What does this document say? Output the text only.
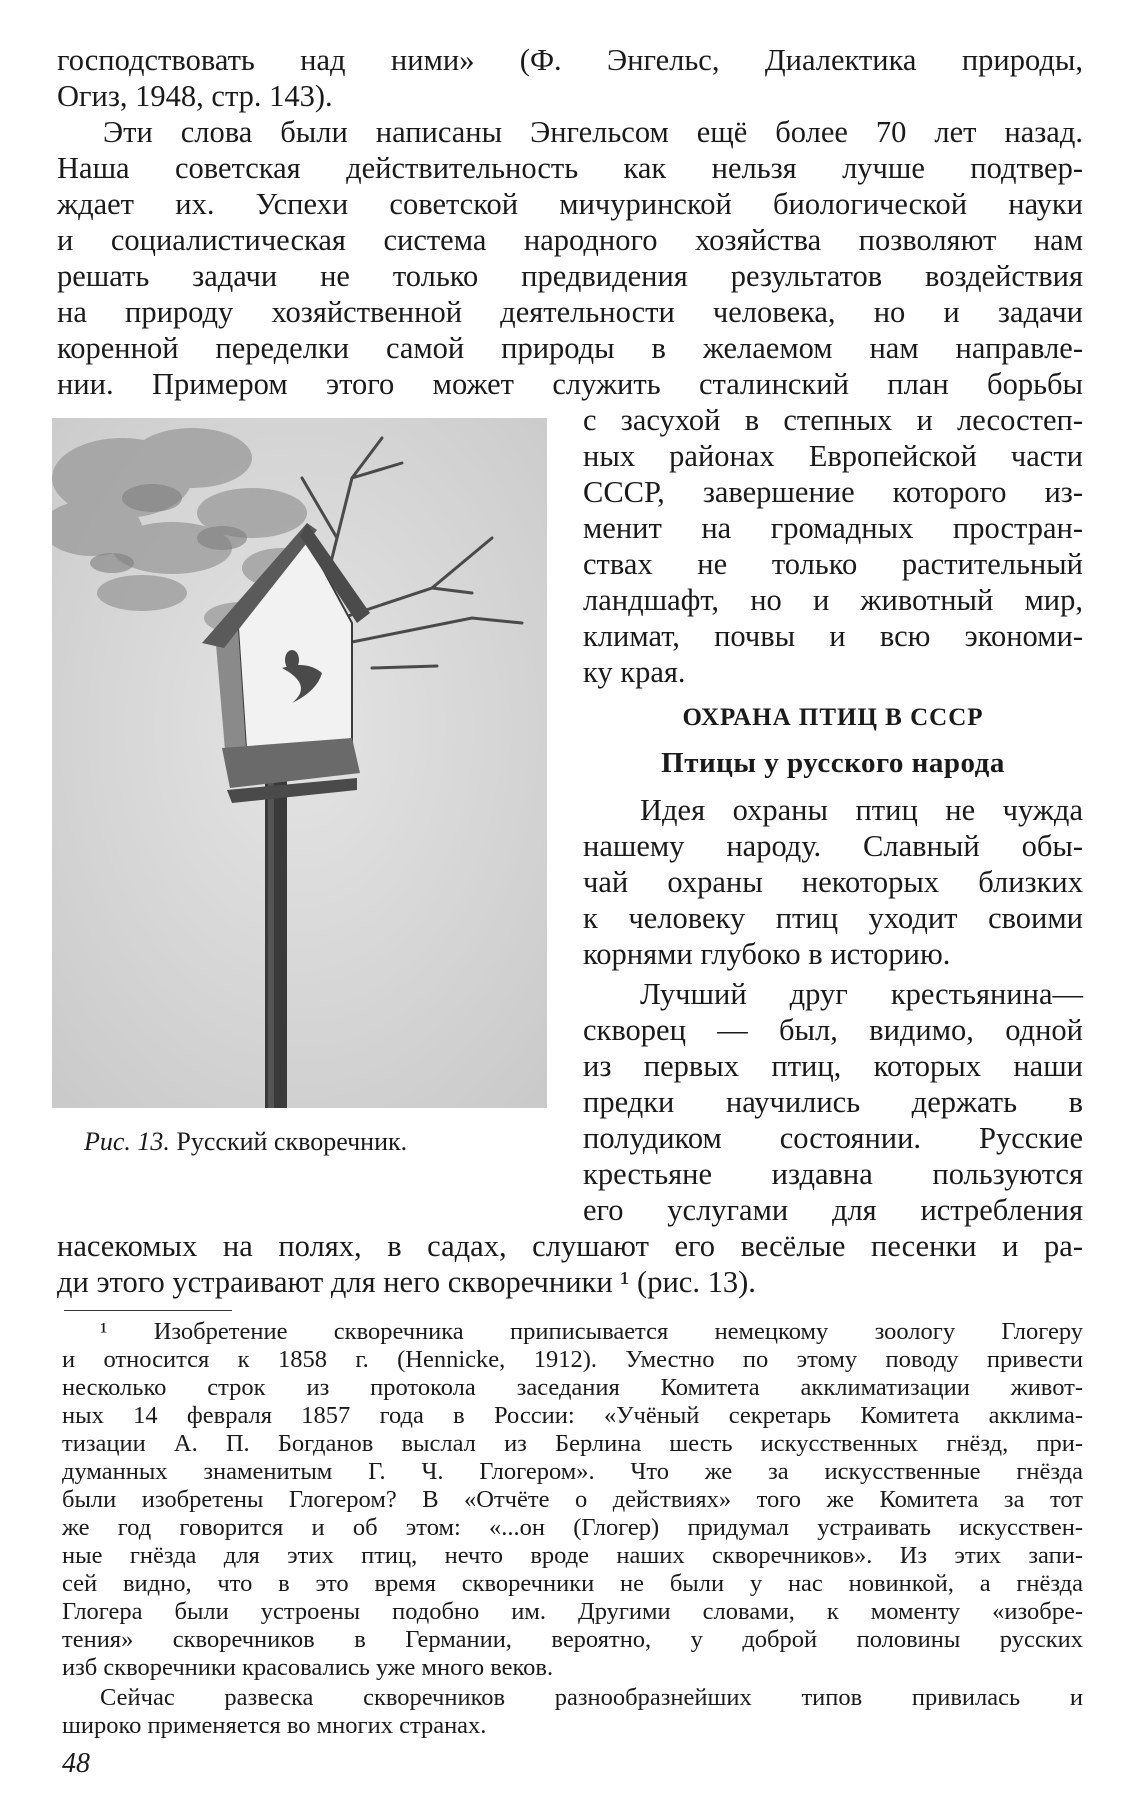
господствовать над ними» (Ф. Энгельс, Диалектика природы,
Огиз, 1948, стр. 143).
Эти слова были написаны Энгельсом ещё более 70 лет назад.
Наша советская действительность как нельзя лучше подтвер-
ждает их. Успехи советской мичуринской биологической науки
и социалистическая система народного хозяйства позволяют нам
решать задачи не только предвидения результатов воздействия
на природу хозяйственной деятельности человека, но и задачи
коренной переделки самой природы в желаемом нам направле-
нии. Примером этого может служить сталинский план борьбы
с засухой в степных и лесостеп-
ных районах Европейской части
СССР, завершение которого из-
менит на громадных простран-
ствах не только растительный
ландшафт, но и животный мир,
климат, почвы и всю экономи-
ку края.
ОХРАНА ПТИЦ В СССР
Птицы у русского народа
Идея охраны птиц не чужда
нашему народу. Славный обы-
чай охраны некоторых близких
к человеку птиц уходит своими
корнями глубоко в историю.
Лучший друг крестьянина—
скворец — был, видимо, одной
из первых птиц, которых наши
предки научились держать в
полудиком состоянии. Русские
крестьяне издавна пользуются
его услугами для истребления
Рис. 13. Русский скворечник.
насекомых на полях, в садах, слушают его весёлые песенки и ра-
ди этого устраивают для него скворечники ¹ (рис. 13).
¹ Изобретение скворечника приписывается немецкому зоологу Глогеру
и относится к 1858 г. (Hennicke, 1912). Уместно по этому поводу привести
несколько строк из протокола заседания Комитета акклиматизации живот-
ных 14 февраля 1857 года в России: «Учёный секретарь Комитета акклима-
тизации А. П. Богданов выслал из Берлина шесть искусственных гнёзд, при-
думанных знаменитым Г. Ч. Глогером». Что же за искусственные гнёзда
были изобретены Глогером? В «Отчёте о действиях» того же Комитета за тот
же год говорится и об этом: «...он (Глогер) придумал устраивать искусствен-
ные гнёзда для этих птиц, нечто вроде наших скворечников». Из этих запи-
сей видно, что в это время скворечники не были у нас новинкой, а гнёзда
Глогера были устроены подобно им. Другими словами, к моменту «изобре-
тения» скворечников в Германии, вероятно, у доброй половины русских
изб скворечники красовались уже много веков.
Сейчас развеска скворечников разнообразнейших типов привилась и
широко применяется во многих странах.
48
